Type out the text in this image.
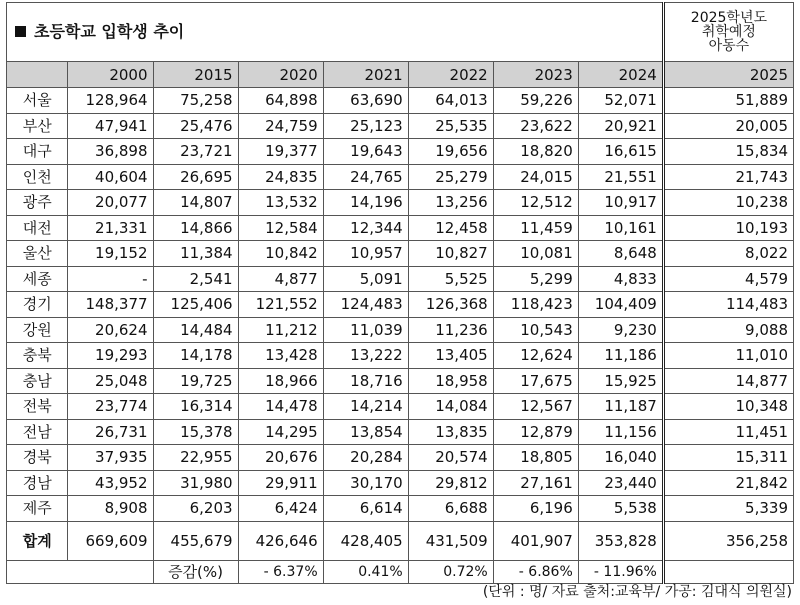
초등학교 입학생 추이								2025학년도
취학예정
아동수

	2000	2015	2020	2021	2022	2023	2024	2025
서울	128,964	75,258	64,898	63,690	64,013	59,226	52,071	51,889
부산	47,941	25,476	24,759	25,123	25,535	23,622	20,921	20,005
대구	36,898	23,721	19,377	19,643	19,656	18,820	16,615	15,834
인천	40,604	26,695	24,835	24,765	25,279	24,015	21,551	21,743
광주	20,077	14,807	13,532	14,196	13,256	12,512	10,917	10,238
대전	21,331	14,866	12,584	12,344	12,458	11,459	10,161	10,193
울산	19,152	11,384	10,842	10,957	10,827	10,081	8,648	8,022
세종	-	2,541	4,877	5,091	5,525	5,299	4,833	4,579
경기	148,377	125,406	121,552	124,483	126,368	118,423	104,409	114,483
강원	20,624	14,484	11,212	11,039	11,236	10,543	9,230	9,088
충북	19,293	14,178	13,428	13,222	13,405	12,624	11,186	11,010
충남	25,048	19,725	18,966	18,716	18,958	17,675	15,925	14,877
전북	23,774	16,314	14,478	14,214	14,084	12,567	11,187	10,348
전남	26,731	15,378	14,295	13,854	13,835	12,879	11,156	11,451
경북	37,935	22,955	20,676	20,284	20,574	18,805	16,040	15,311
경남	43,952	31,980	29,911	30,170	29,812	27,161	23,440	21,842
제주	8,908	6,203	6,424	6,614	6,688	6,196	5,538	5,339
합계	669,609	455,679	426,646	428,405	431,509	401,907	353,828	356,258
		증감(%)	- 6.37%	0.41%	0.72%	- 6.86%	- 11.96%	
(단위 : 명/ 자료 출처:교육부/ 가공: 김대식 의원실)
